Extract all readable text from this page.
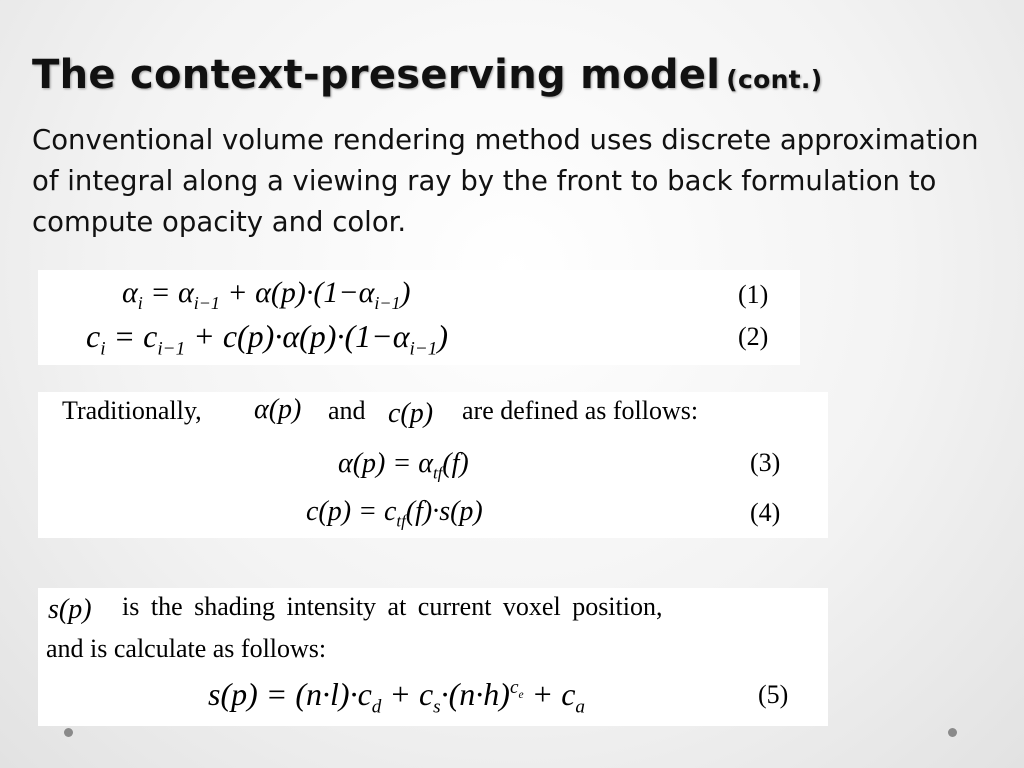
The context-preserving model (cont.)
Conventional volume rendering method uses discrete approximation of integral along a viewing ray by the front to back formulation to compute opacity and color.
$\alpha_i = \alpha_{i-1} + \alpha(p)\cdot(1-\alpha_{i-1})$	(1)
$c_i = c_{i-1} + c(p)\cdot\alpha(p)\cdot(1-\alpha_{i-1})$	(2)
Traditionally, α(p) and c(p) are defined as follows:
$\alpha(p) = \alpha_{tf}(f)$	(3)
$c(p) = c_{tf}(f)\cdot s(p)$	(4)
s(p) is the shading intensity at current voxel position,
and is calculate as follows:
$s(p) = (n\cdot l)\cdot c_d + c_s\cdot(n\cdot h)^{c_e} + c_a$	(5)
